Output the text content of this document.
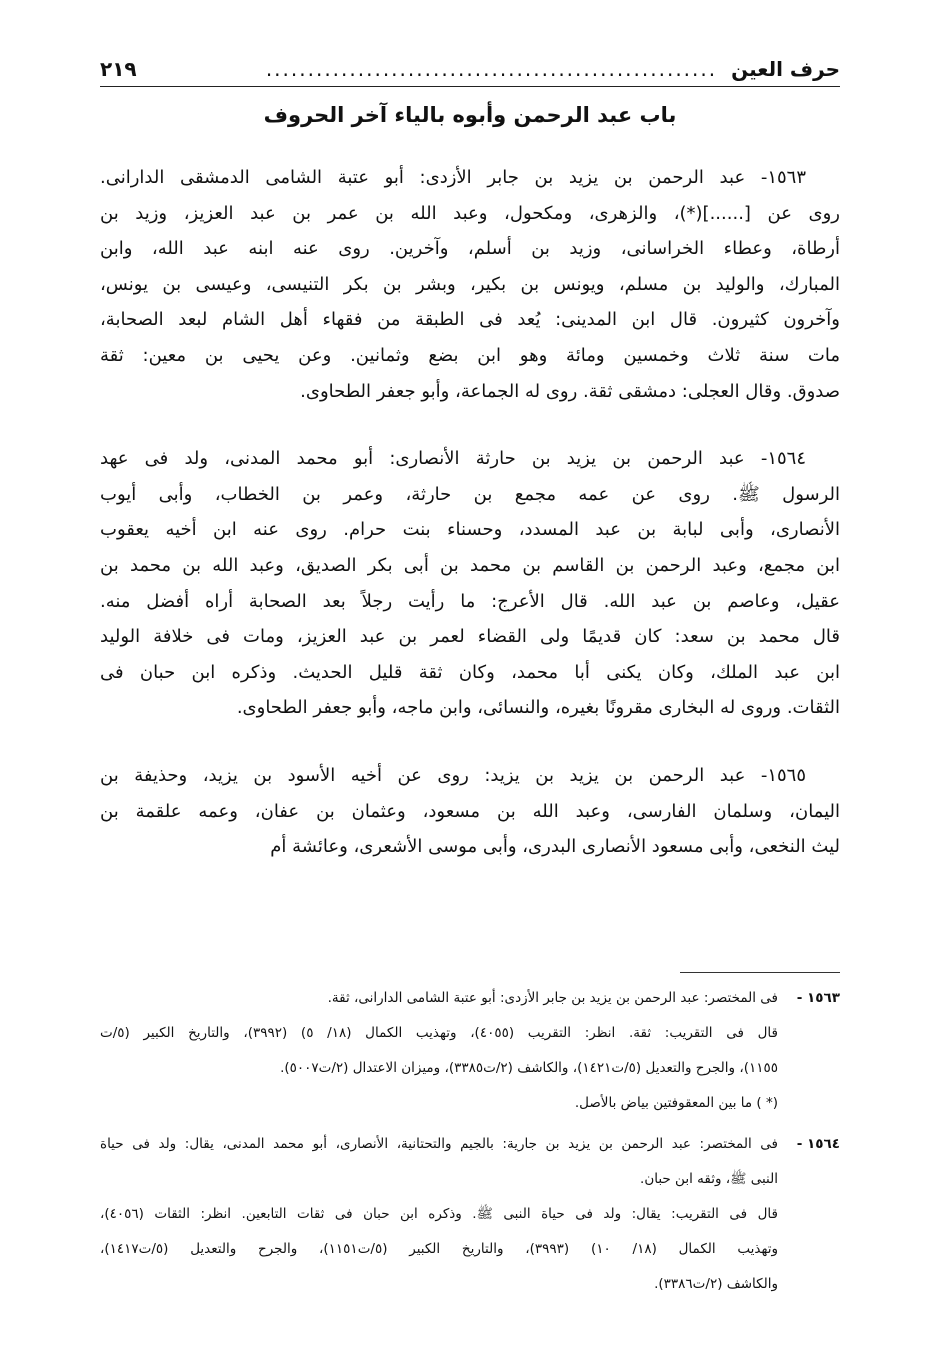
حرف العين
......................................................
٢١٩
باب عبد الرحمن وأبوه بالياء آخر الحروف
١٥٦٣- عبد الرحمن بن يزيد بن جابر الأزدى: أبو عتبة الشامى الدمشقى الدارانى.
روى عن [......](*)، والزهرى، ومكحول، وعبد الله بن عمر بن عبد العزيز، وزيد بن
أرطاة، وعطاء الخراسانى، وزيد بن أسلم، وآخرين. روى عنه ابنه عبد الله، وابن
المبارك، والوليد بن مسلم، ويونس بن بكير، وبشر بن بكر التنيسى، وعيسى بن يونس،
وآخرون كثيرون. قال ابن المدينى: يُعد فى الطبقة من فقهاء أهل الشام لبعد الصحابة،
مات سنة ثلاث وخمسين ومائة وهو ابن بضع وثمانين. وعن يحيى بن معين: ثقة
صدوق. وقال العجلى: دمشقى ثقة. روى له الجماعة، وأبو جعفر الطحاوى.
١٥٦٤- عبد الرحمن بن يزيد بن حارثة الأنصارى: أبو محمد المدنى، ولد فى عهد
الرسول ﷺ. روى عن عمه مجمع بن حارثة، وعمر بن الخطاب، وأبى أيوب
الأنصارى، وأبى لبابة بن عبد المسدد، وحسناء بنت حرام. روى عنه ابن أخيه يعقوب
ابن مجمع، وعبد الرحمن بن القاسم بن محمد بن أبى بكر الصديق، وعبد الله بن محمد بن
عقيل، وعاصم بن عبد الله. قال الأعرج: ما رأيت رجلاً بعد الصحابة أراه أفضل منه.
قال محمد بن سعد: كان قديمًا ولى القضاء لعمر بن عبد العزيز، ومات فى خلافة الوليد
ابن عبد الملك، وكان يكنى أبا محمد، وكان ثقة قليل الحديث. وذكره ابن حبان فى
الثقات. وروى له البخارى مقرونًا بغيره، والنسائى، وابن ماجه، وأبو جعفر الطحاوى.
١٥٦٥- عبد الرحمن بن يزيد بن يزيد: روى عن أخيه الأسود بن يزيد، وحذيفة بن
اليمان، وسلمان الفارسى، وعبد الله بن مسعود، وعثمان بن عفان، وعمه علقمة بن
ليث النخعى، وأبى مسعود الأنصارى البدرى، وأبى موسى الأشعرى، وعائشة أم
١٥٦٣ -
فى المختصر: عبد الرحمن بن يزيد بن جابر الأزدى: أبو عتبة الشامى الدارانى، ثقة.
قال فى التقريب: ثقة. انظر: التقريب (٤٠٥٥)، وتهذيب الكمال (١٨/ ٥) (٣٩٩٢)، والتاريخ الكبير (٥/ت
١١٥٥)، والجرح والتعديل (٥/ت١٤٢١)، والكاشف (٢/ت٣٣٨٥)، وميزان الاعتدال (٢/ت٥٠٠٧).
(* ) ما بين المعقوفتين بياض بالأصل.
١٥٦٤ -
فى المختصر: عبد الرحمن بن يزيد بن جارية: بالجيم والتحتانية، الأنصارى، أبو محمد المدنى، يقال: ولد فى حياة
النبى ﷺ، وثقه ابن حبان.
قال فى التقريب: يقال: ولد فى حياة النبى ﷺ. وذكره ابن حبان فى ثقات التابعين. انظر: الثقات (٤٠٥٦)،
وتهذيب الكمال (١٨/ ١٠) (٣٩٩٣)، والتاريخ الكبير (٥/ت١١٥١)، والجرح والتعديل (٥/ت١٤١٧)،
والكاشف (٢/ت٣٣٨٦).
